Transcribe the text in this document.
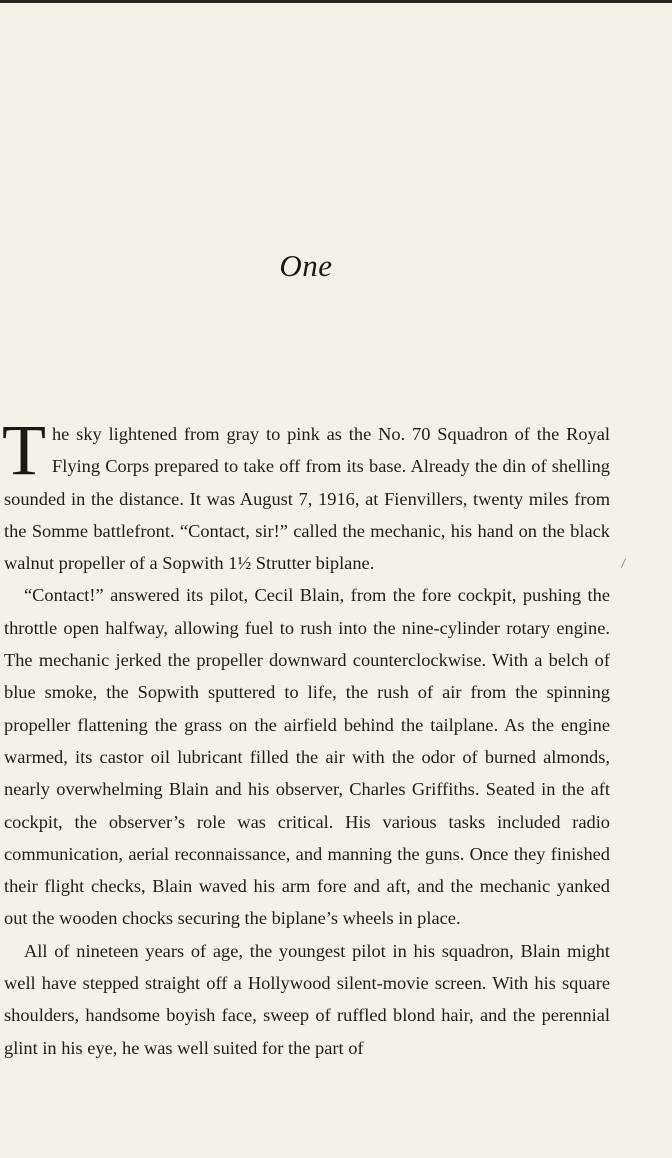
One

The sky lightened from gray to pink as the No. 70 Squadron of the Royal Flying Corps prepared to take off from its base. Already the din of shelling sounded in the distance. It was August 7, 1916, at Fienvillers, twenty miles from the Somme battlefront. “Contact, sir!” called the mechanic, his hand on the black walnut propeller of a Sopwith 1½ Strutter biplane.

“Contact!” answered its pilot, Cecil Blain, from the fore cockpit, pushing the throttle open halfway, allowing fuel to rush into the nine-cylinder rotary engine. The mechanic jerked the propeller downward counterclockwise. With a belch of blue smoke, the Sopwith sputtered to life, the rush of air from the spinning propeller flattening the grass on the airfield behind the tailplane. As the engine warmed, its castor oil lubricant filled the air with the odor of burned almonds, nearly overwhelming Blain and his observer, Charles Griffiths. Seated in the aft cockpit, the observer’s role was critical. His various tasks included radio communication, aerial reconnaissance, and manning the guns. Once they finished their flight checks, Blain waved his arm fore and aft, and the mechanic yanked out the wooden chocks securing the biplane’s wheels in place.

All of nineteen years of age, the youngest pilot in his squadron, Blain might well have stepped straight off a Hollywood silent-movie screen. With his square shoulders, handsome boyish face, sweep of ruffled blond hair, and the perennial glint in his eye, he was well suited for the part of
